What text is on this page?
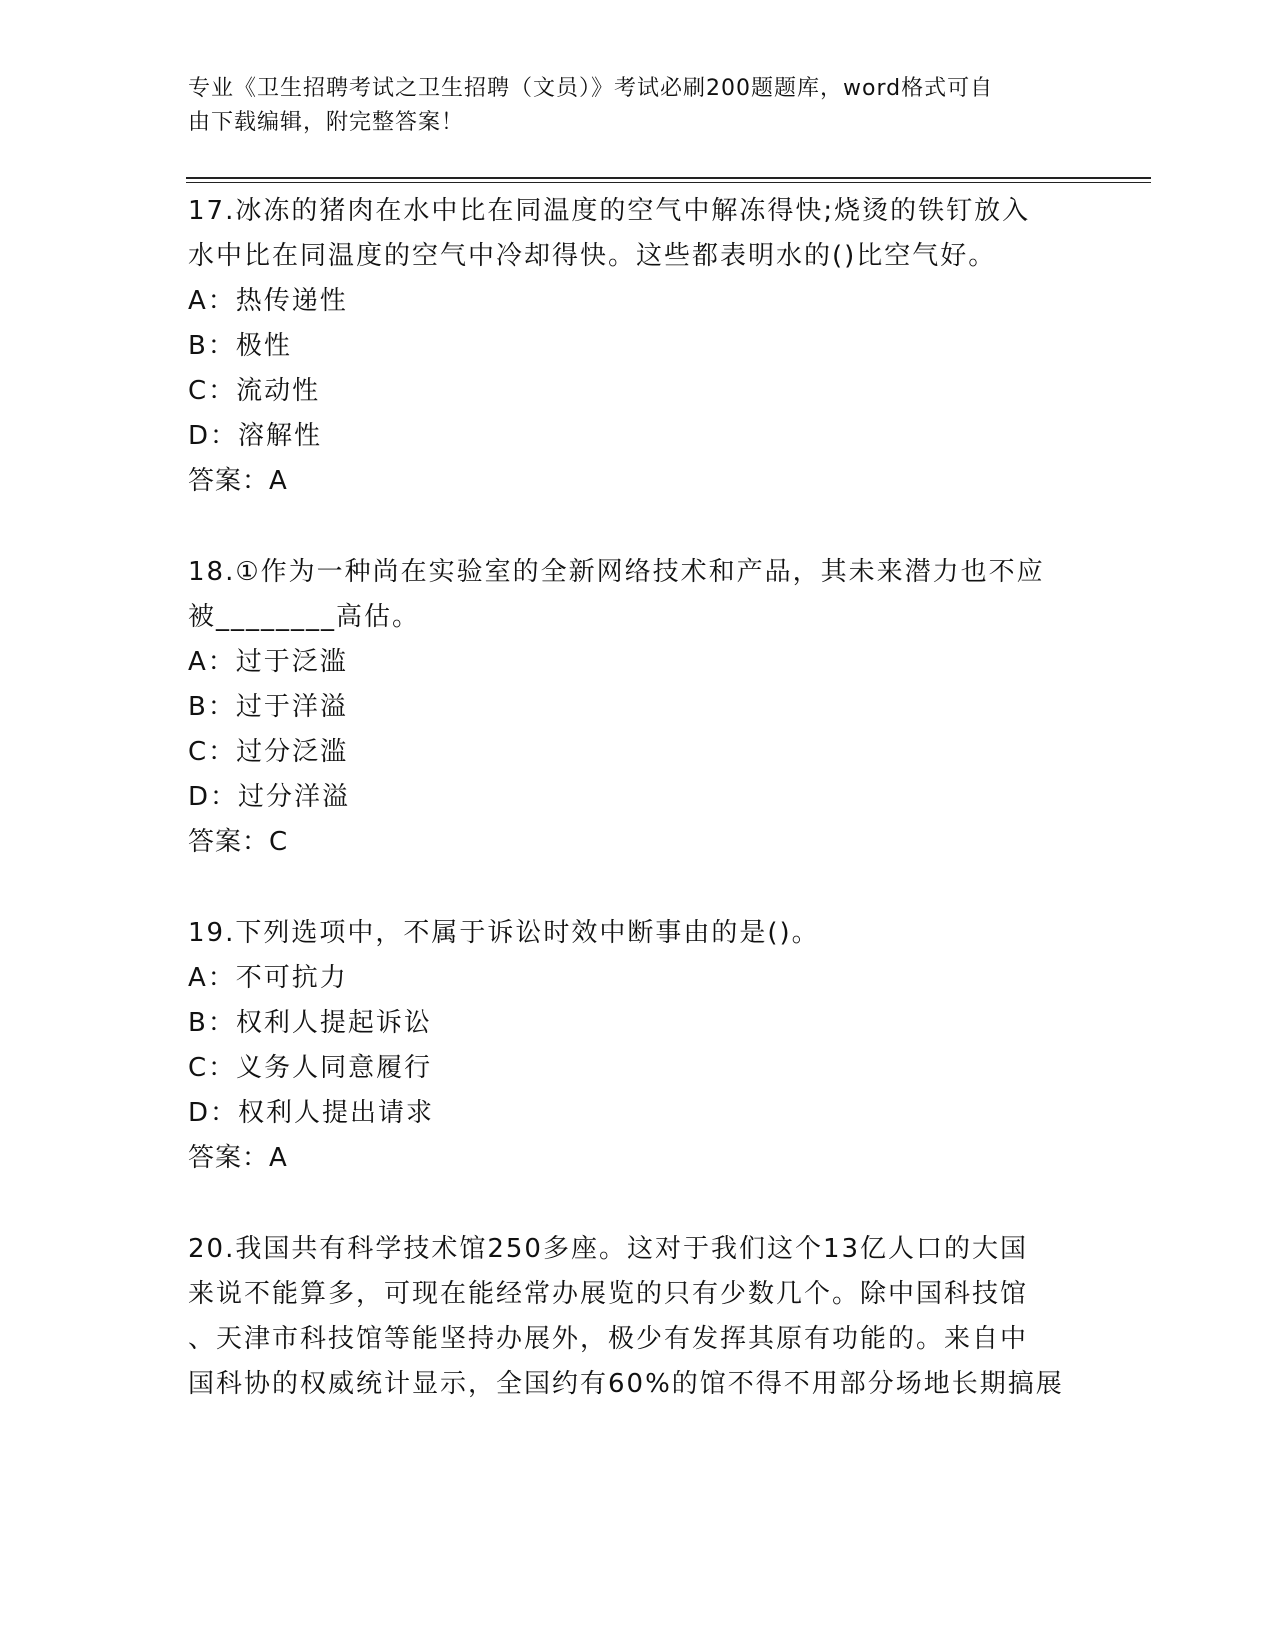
专业《卫生招聘考试之卫生招聘（文员）》考试必刷200题题库，word格式可自
由下载编辑，附完整答案！
17.冰冻的猪肉在水中比在同温度的空气中解冻得快;烧烫的铁钉放入
水中比在同温度的空气中冷却得快。这些都表明水的()比空气好。
A：热传递性
B：极性
C：流动性
D：溶解性
答案：A
18.①作为一种尚在实验室的全新网络技术和产品，其未来潜力也不应
被________高估。
A：过于泛滥
B：过于洋溢
C：过分泛滥
D：过分洋溢
答案：C
19.下列选项中，不属于诉讼时效中断事由的是()。
A：不可抗力
B：权利人提起诉讼
C：义务人同意履行
D：权利人提出请求
答案：A
20.我国共有科学技术馆250多座。这对于我们这个13亿人口的大国
来说不能算多，可现在能经常办展览的只有少数几个。除中国科技馆
、天津市科技馆等能坚持办展外，极少有发挥其原有功能的。来自中
国科协的权威统计显示，全国约有60%的馆不得不用部分场地长期搞展
